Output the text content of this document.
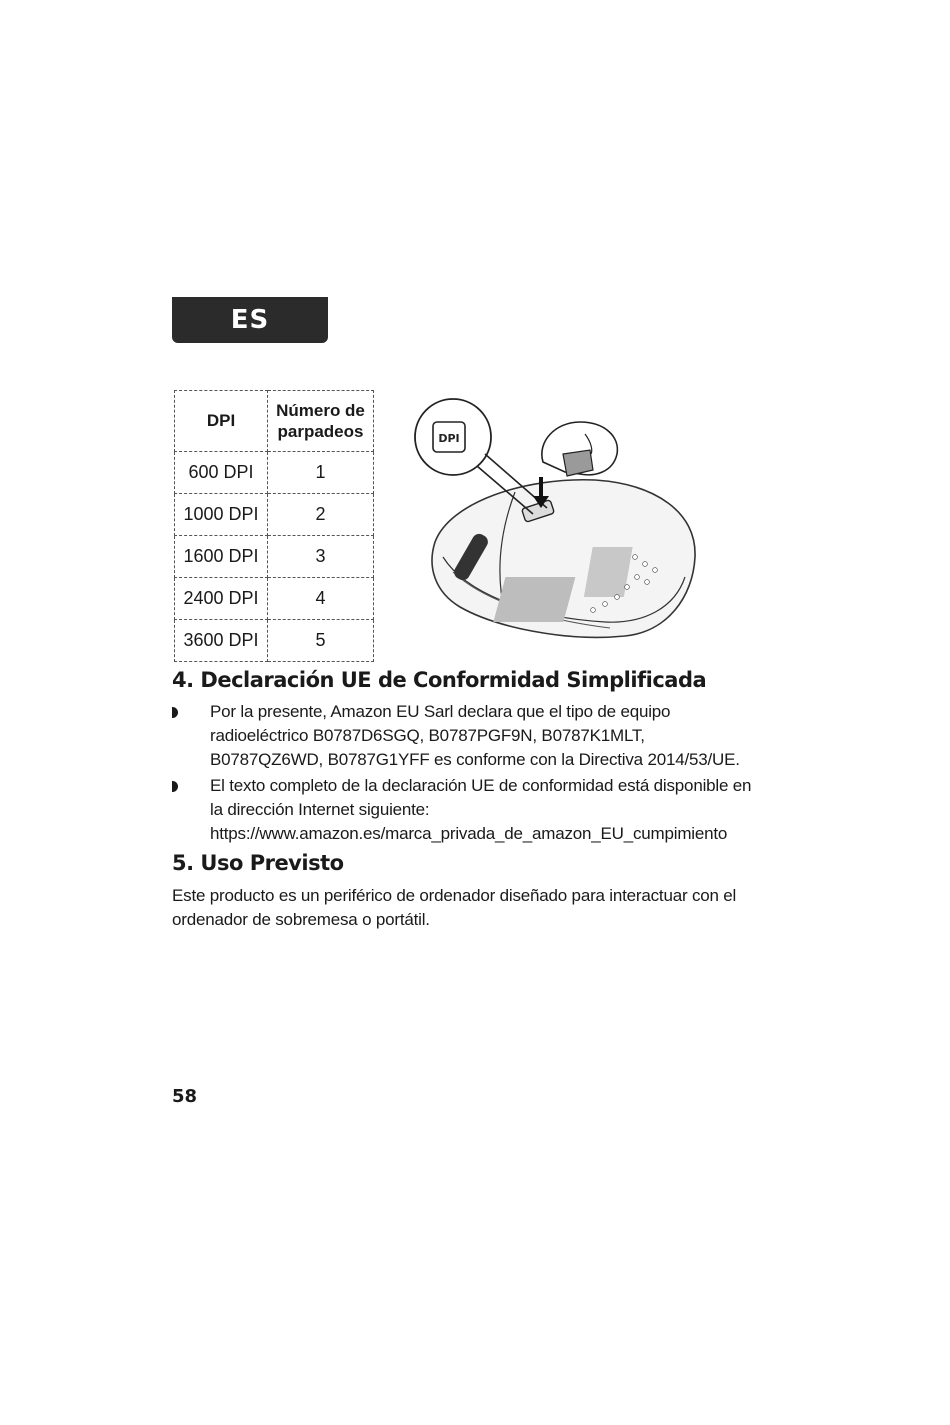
ES
DPI	Número de parpadeos
600 DPI	1
1000 DPI	2
1600 DPI	3
2400 DPI	4
3600 DPI	5
DPI
4. Declaración UE de Conformidad Simplificada
Por la presente, Amazon EU Sarl declara que el tipo de equipo radioeléctrico B0787D6SGQ, B0787PGF9N, B0787K1MLT, B0787QZ6WD, B0787G1YFF es conforme con la Directiva 2014/53/UE.
El texto completo de la declaración UE de conformidad está disponible en la dirección Internet siguiente: https://www.amazon.es/marca_privada_de_amazon_EU_cumpimiento
5. Uso Previsto

Este producto es un periférico de ordenador diseñado para interactuar con el ordenador de sobremesa o portátil.

58
